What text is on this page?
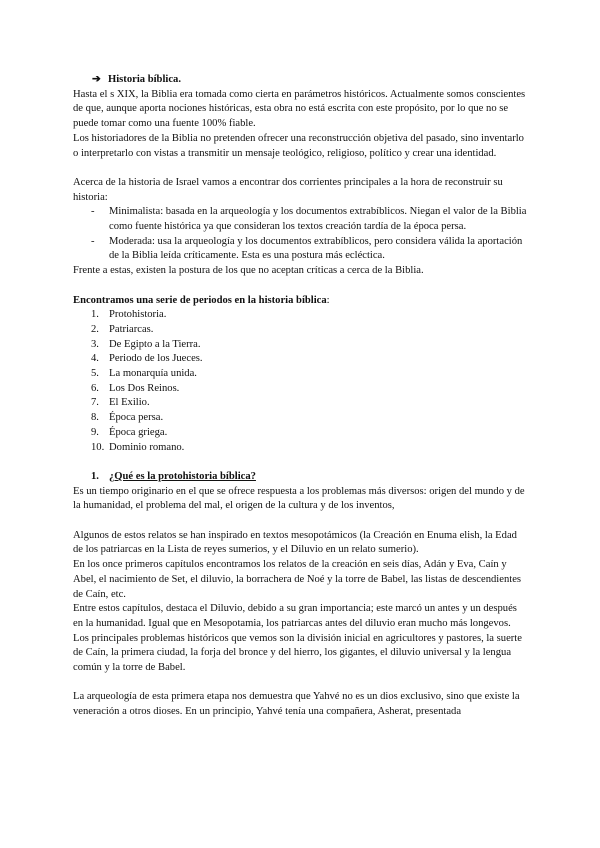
➔ Historia bíblica.

Hasta el s XIX, la Biblia era tomada como cierta en parámetros históricos. Actualmente somos conscientes de que, aunque aporta nociones históricas, esta obra no está escrita con este propósito, por lo que no se puede tomar como una fuente 100% fiable.

Los historiadores de la Biblia no pretenden ofrecer una reconstrucción objetiva del pasado, sino inventarlo o interpretarlo con vistas a transmitir un mensaje teológico, religioso, político y crear una identidad.

Acerca de la historia de Israel vamos a encontrar dos corrientes principales a la hora de reconstruir su historia:

- Minimalista: basada en la arqueología y los documentos extrabíblicos. Niegan el valor de la Biblia como fuente histórica ya que consideran los textos creación tardía de la época persa.
- Moderada: usa la arqueología y los documentos extrabíblicos, pero considera válida la aportación de la Biblia leída críticamente. Esta es una postura más ecléctica.

Frente a estas, existen la postura de los que no aceptan críticas a cerca de la Biblia.

Encontramos una serie de periodos en la historia bíblica:

1. Protohistoria.
2. Patriarcas.
3. De Egipto a la Tierra.
4. Periodo de los Jueces.
5. La monarquía unida.
6. Los Dos Reinos.
7. El Exilio.
8. Época persa.
9. Época griega.
10. Dominio romano.

1. ¿Qué es la protohistoria bíblica?

Es un tiempo originario en el que se ofrece respuesta a los problemas más diversos: origen del mundo y de la humanidad, el problema del mal, el origen de la cultura y de los inventos,

Algunos de estos relatos se han inspirado en textos mesopotámicos (la Creación en Enuma elish, la Edad de los patriarcas en la Lista de reyes sumerios, y el Diluvio en un relato sumerio).

En los once primeros capítulos encontramos los relatos de la creación en seis días, Adán y Eva, Caín y Abel, el nacimiento de Set, el diluvio, la borrachera de Noé y la torre de Babel, las listas de descendientes de Caín, etc.

Entre estos capítulos, destaca el Diluvio, debido a su gran importancia; este marcó un antes y un después en la humanidad. Igual que en Mesopotamia, los patriarcas antes del diluvio eran mucho más longevos.

Los principales problemas históricos que vemos son la división inicial en agricultores y pastores, la suerte de Caín, la primera ciudad, la forja del bronce y del hierro, los gigantes, el diluvio universal y la lengua común y la torre de Babel.

La arqueología de esta primera etapa nos demuestra que Yahvé no es un dios exclusivo, sino que existe la veneración a otros dioses. En un principio, Yahvé tenía una compañera, Asherat, presentada
